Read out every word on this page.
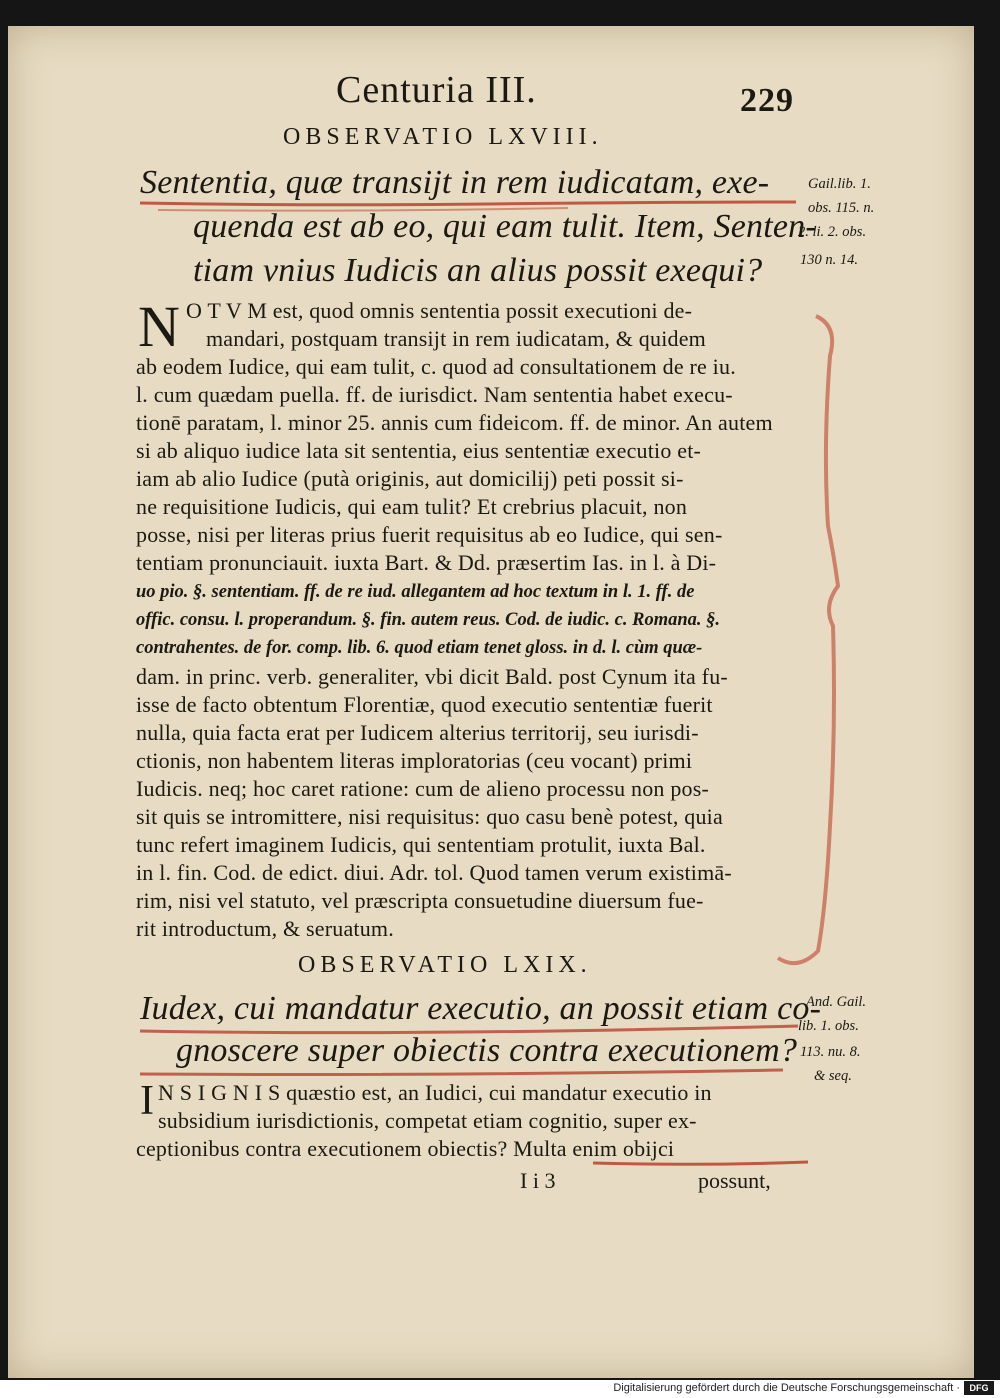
Centuria III.	229
OBSERVATIO LXVIII.
Sententia, quæ transijt in rem iudicatam, exe-
quenda est ab eo, qui eam tulit. Item, Senten-
tiam vnius Iudicis an alius possit exequi?
Gail.lib. 1.
obs. 115. n.
2. li. 2. obs.
130 n. 14.
N O T V M est, quod omnis sententia possit executioni de-
mandari, postquam transijt in rem iudicatam, & quidem
ab eodem Iudice, qui eam tulit, c. quod ad consultationem de re iu.
l. cum quædam puella. ff. de iurisdict. Nam sententia habet execu-
tionē paratam, l. minor 25. annis cum fideicom. ff. de minor. An autem
si ab aliquo iudice lata sit sententia, eius sententiæ executio et-
iam ab alio Iudice (putà originis, aut domicilij) peti possit si-
ne requisitione Iudicis, qui eam tulit? Et crebrius placuit, non
posse, nisi per literas prius fuerit requisitus ab eo Iudice, qui sen-
tentiam pronunciauit. iuxta Bart. & Dd. præsertim Ias. in l. à Di-
uo pio. §. sententiam. ff. de re iud. allegantem ad hoc textum in l. 1. ff. de
offic. consu. l. properandum. §. fin. autem reus. Cod. de iudic. c. Romana. §.
contrahentes. de for. comp. lib. 6. quod etiam tenet gloss. in d. l. cùm quæ-
dam. in princ. verb. generaliter, vbi dicit Bald. post Cynum ita fu-
isse de facto obtentum Florentiæ, quod executio sententiæ fuerit
nulla, quia facta erat per Iudicem alterius territorij, seu iurisdi-
ctionis, non habentem literas imploratorias (ceu vocant) primi
Iudicis. neq; hoc caret ratione: cum de alieno processu non pos-
sit quis se intromittere, nisi requisitus: quo casu benè potest, quia
tunc refert imaginem Iudicis, qui sententiam protulit, iuxta Bal.
in l. fin. Cod. de edict. diui. Adr. tol. Quod tamen verum existimā-
rim, nisi vel statuto, vel præscripta consuetudine diuersum fue-
rit introductum, & seruatum.
OBSERVATIO LXIX.
Iudex, cui mandatur executio, an possit etiam co-
gnoscere super obiectis contra executionem?
And. Gail.
lib. 1. obs.
113. nu. 8.
& seq.
I N S I G N I S quæstio est, an Iudici, cui mandatur executio in
subsidium iurisdictionis, competat etiam cognitio, super ex-
ceptionibus contra executionem obiectis? Multa enim obijci
I i 3	possunt,
Digitalisierung gefördert durch die Deutsche Forschungsgemeinschaft ·	DFG
